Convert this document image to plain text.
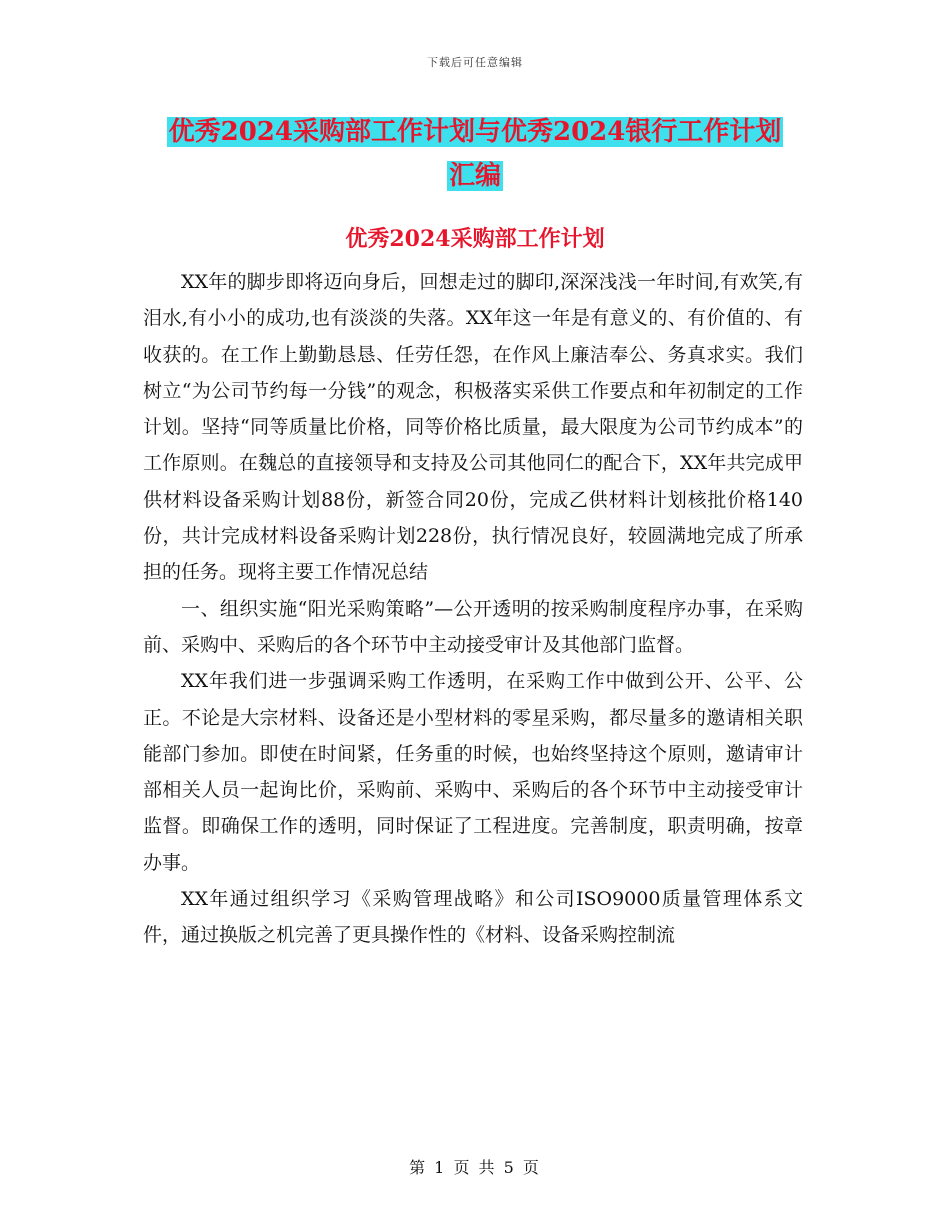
下载后可任意编辑
优秀2024采购部工作计划与优秀2024银行工作计划
汇编
优秀2024采购部工作计划

XX年的脚步即将迈向身后，回想走过的脚印,深深浅浅一年时间,有欢笑,有泪水,有小小的成功,也有淡淡的失落。XX年这一年是有意义的、有价值的、有收获的。在工作上勤勤恳恳、任劳任怨，在作风上廉洁奉公、务真求实。我们树立“为公司节约每一分钱”的观念，积极落实采供工作要点和年初制定的工作计划。坚持“同等质量比价格，同等价格比质量，最大限度为公司节约成本”的工作原则。在魏总的直接领导和支持及公司其他同仁的配合下，XX年共完成甲供材料设备采购计划88份，新签合同20份，完成乙供材料计划核批价格140份，共计完成材料设备采购计划228份，执行情况良好，较圆满地完成了所承担的任务。现将主要工作情况总结

一、组织实施“阳光采购策略”—公开透明的按采购制度程序办事，在采购前、采购中、采购后的各个环节中主动接受审计及其他部门监督。

XX年我们进一步强调采购工作透明，在采购工作中做到公开、公平、公正。不论是大宗材料、设备还是小型材料的零星采购，都尽量多的邀请相关职能部门参加。即使在时间紧，任务重的时候，也始终坚持这个原则，邀请审计部相关人员一起询比价，采购前、采购中、采购后的各个环节中主动接受审计监督。即确保工作的透明，同时保证了工程进度。完善制度，职责明确，按章办事。

XX年通过组织学习《采购管理战略》和公司ISO9000质量管理体系文件，通过换版之机完善了更具操作性的《材料、设备采购控制流

第 1 页 共 5 页
